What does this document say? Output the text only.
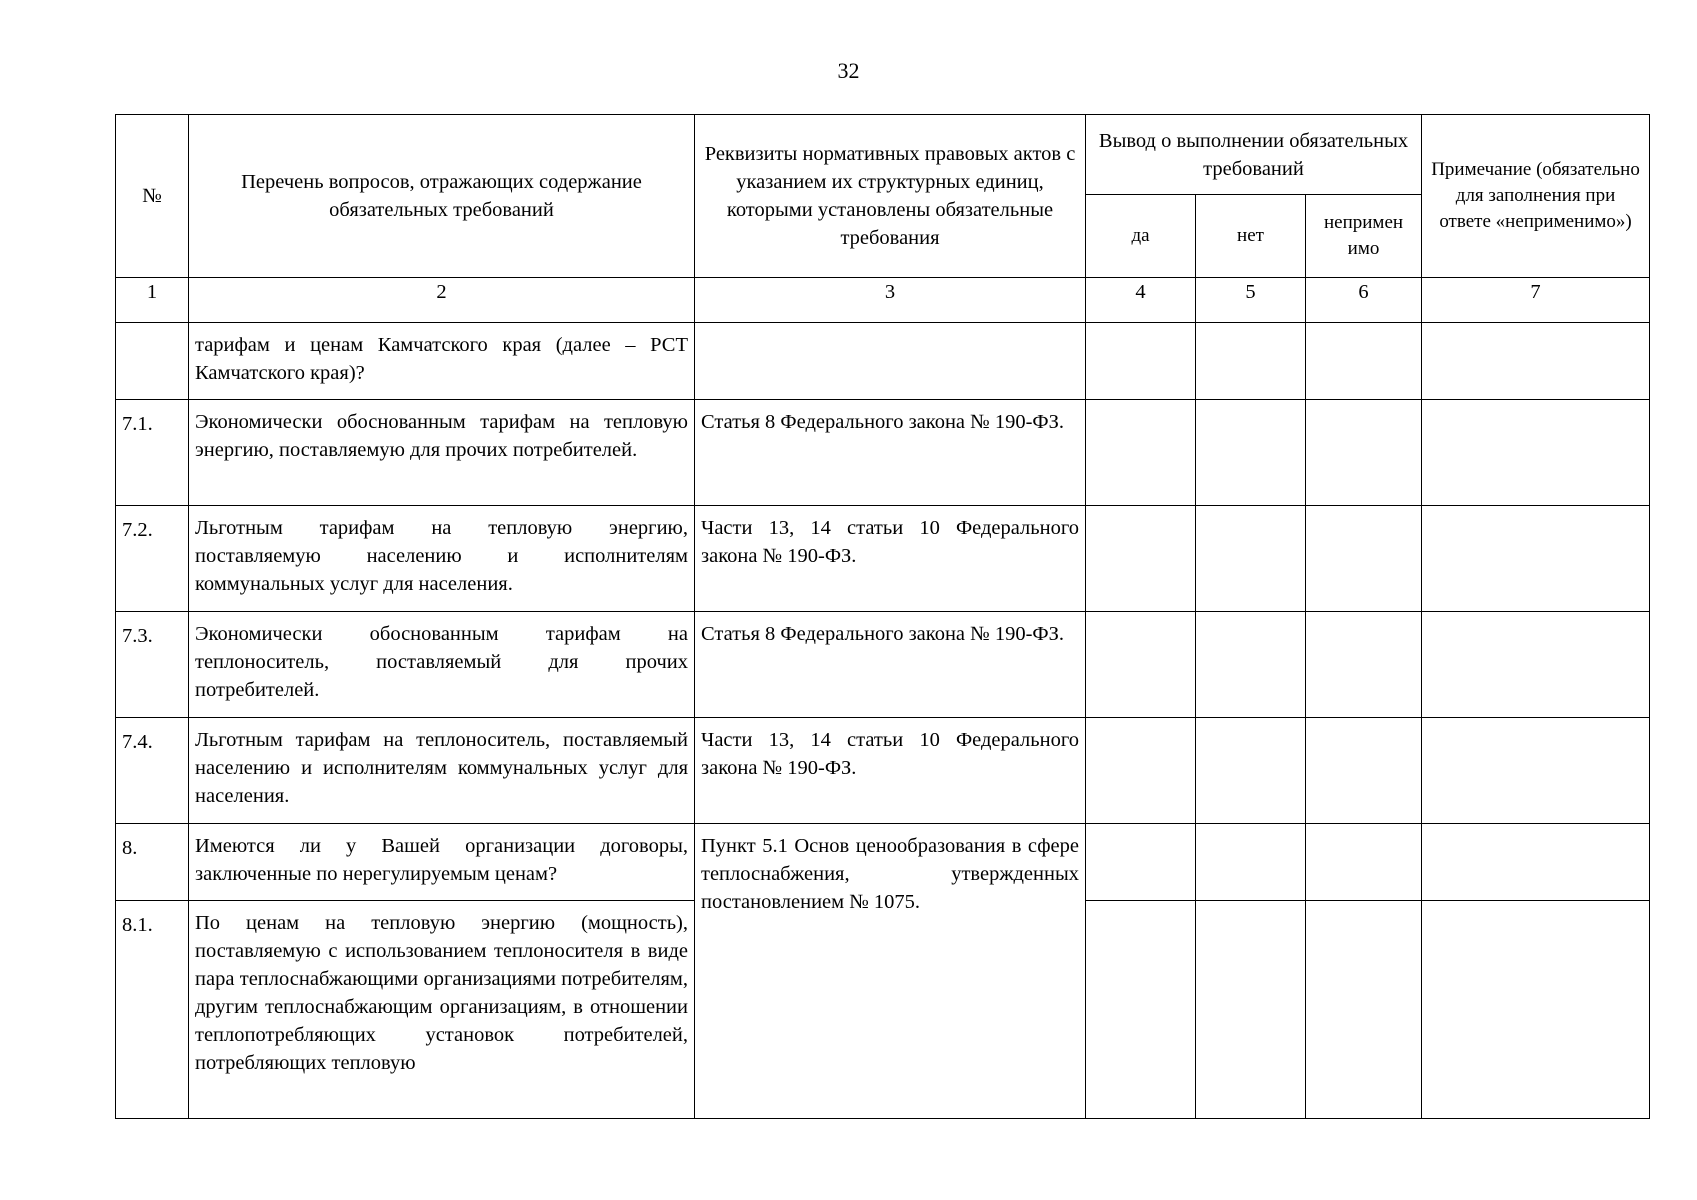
32
№	Перечень вопросов, отражающих содержание обязательных требований	Реквизиты нормативных правовых актов с указанием их структурных единиц, которыми установлены обязательные требования	Вывод о выполнении обязательных требований			Примечание (обязательно для заполнения при ответе «неприменимо»)
			да	нет	непримен имо	
1	2	3	4	5	6	7
	тарифам и ценам Камчатского края (далее – РСТ Камчатского края)?					
7.1.	Экономически обоснованным тарифам на тепловую энергию, поставляемую для прочих потребителей.	Статья 8 Федерального закона № 190-ФЗ.				
7.2.	Льготным тарифам на тепловую энергию, поставляемую населению и исполнителям коммунальных услуг для населения.	Части 13, 14 статьи 10 Федерального закона № 190-ФЗ.				
7.3.	Экономически обоснованным тарифам на теплоноситель, поставляемый для прочих потребителей.	Статья 8 Федерального закона № 190-ФЗ.				
7.4.	Льготным тарифам на теплоноситель, поставляемый населению и исполнителям коммунальных услуг для населения.	Части 13, 14 статьи 10 Федерального закона № 190-ФЗ.				
8.	Имеются ли у Вашей организации договоры, заключенные по нерегулируемым ценам?	Пункт 5.1 Основ ценообразования в сфере теплоснабжения, утвержденных постановлением № 1075.				
8.1.	По ценам на тепловую энергию (мощность), поставляемую с использованием теплоносителя в виде пара теплоснабжающими организациями потребителям, другим теплоснабжающим организациям, в отношении теплопотребляющих установок потребителей, потребляющих тепловую					
